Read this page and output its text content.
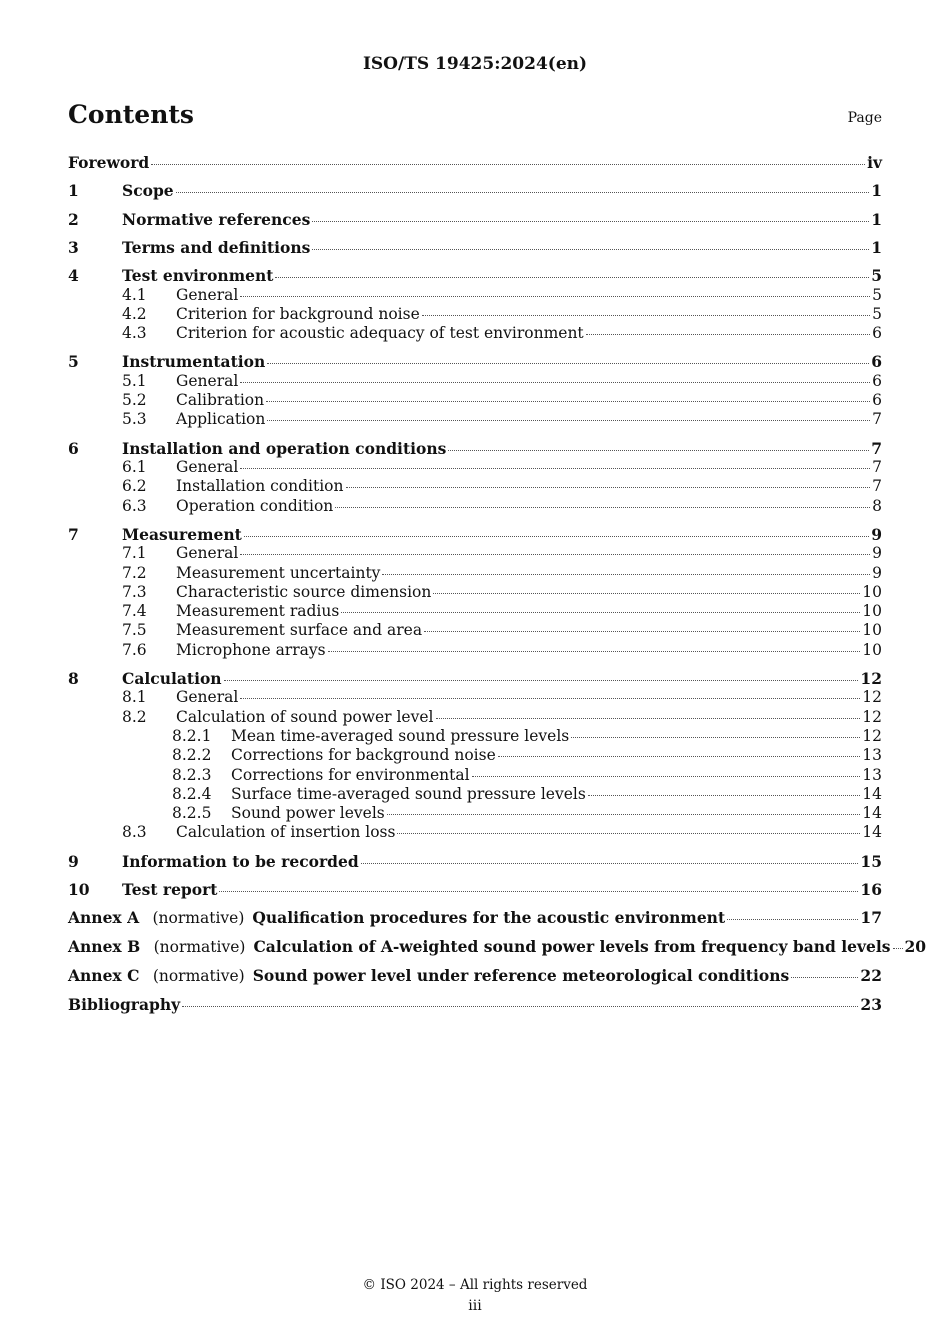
ISO/TS 19425:2024(en)
Contents	Page
Foreword	iv
1	Scope	1
2	Normative references	1
3	Terms and definitions	1
4	Test environment	5
4.1	General	5
4.2	Criterion for background noise	5
4.3	Criterion for acoustic adequacy of test environment	6
5	Instrumentation	6
5.1	General	6
5.2	Calibration	6
5.3	Application	7
6	Installation and operation conditions	7
6.1	General	7
6.2	Installation condition	7
6.3	Operation condition	8
7	Measurement	9
7.1	General	9
7.2	Measurement uncertainty	9
7.3	Characteristic source dimension	10
7.4	Measurement radius	10
7.5	Measurement surface and area	10
7.6	Microphone arrays	10
8	Calculation	12
8.1	General	12
8.2	Calculation of sound power level	12
8.2.1	Mean time-averaged sound pressure levels	12
8.2.2	Corrections for background noise	13
8.2.3	Corrections for environmental	13
8.2.4	Surface time-averaged sound pressure levels	14
8.2.5	Sound power levels	14
8.3	Calculation of insertion loss	14
9	Information to be recorded	15
10	Test report	16
Annex A (normative) Qualification procedures for the acoustic environment	17
Annex B (normative) Calculation of A-weighted sound power levels from frequency band levels 20
Annex C (normative) Sound power level under reference meteorological conditions	22
Bibliography	23
© ISO 2024 – All rights reserved
iii
